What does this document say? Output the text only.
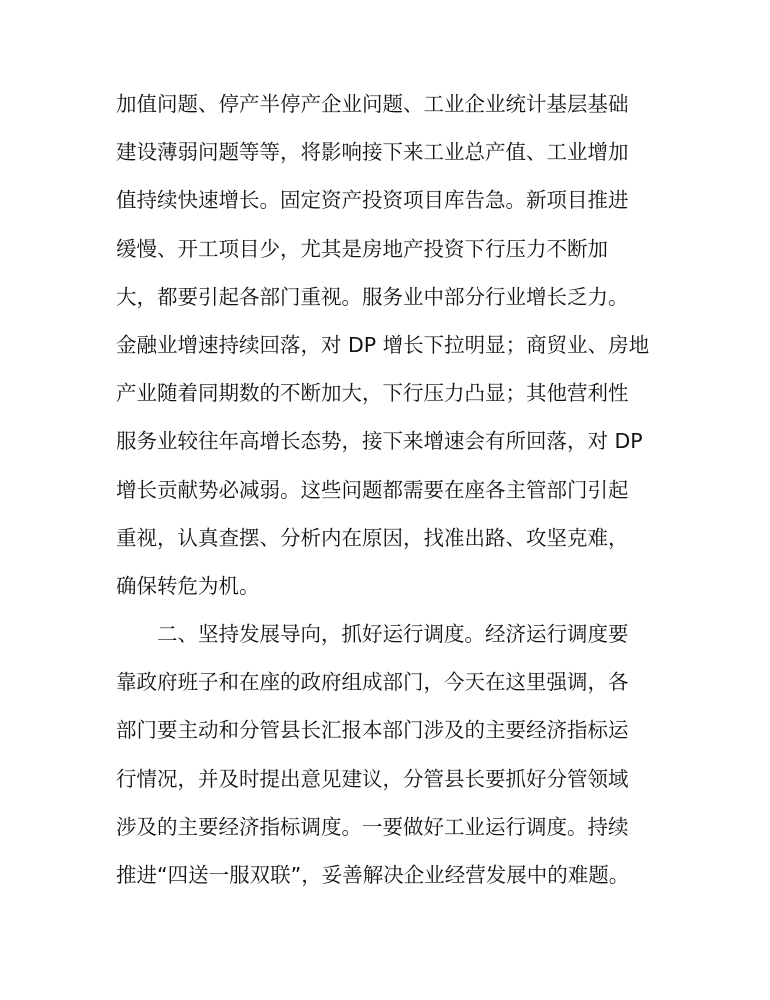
加值问题、停产半停产企业问题、工业企业统计基层基础
建设薄弱问题等等，将影响接下来工业总产值、工业增加
值持续快速增长。固定资产投资项目库告急。新项目推进
缓慢、开工项目少，尤其是房地产投资下行压力不断加
大，都要引起各部门重视。服务业中部分行业增长乏力。
金融业增速持续回落，对 DP 增长下拉明显；商贸业、房地
产业随着同期数的不断加大，下行压力凸显；其他营利性
服务业较往年高增长态势，接下来增速会有所回落，对 DP
增长贡献势必减弱。这些问题都需要在座各主管部门引起
重视，认真查摆、分析内在原因，找准出路、攻坚克难，
确保转危为机。
二、坚持发展导向，抓好运行调度。经济运行调度要
靠政府班子和在座的政府组成部门，今天在这里强调，各
部门要主动和分管县长汇报本部门涉及的主要经济指标运
行情况，并及时提出意见建议，分管县长要抓好分管领域
涉及的主要经济指标调度。一要做好工业运行调度。持续
推进“四送一服双联”，妥善解决企业经营发展中的难题。
